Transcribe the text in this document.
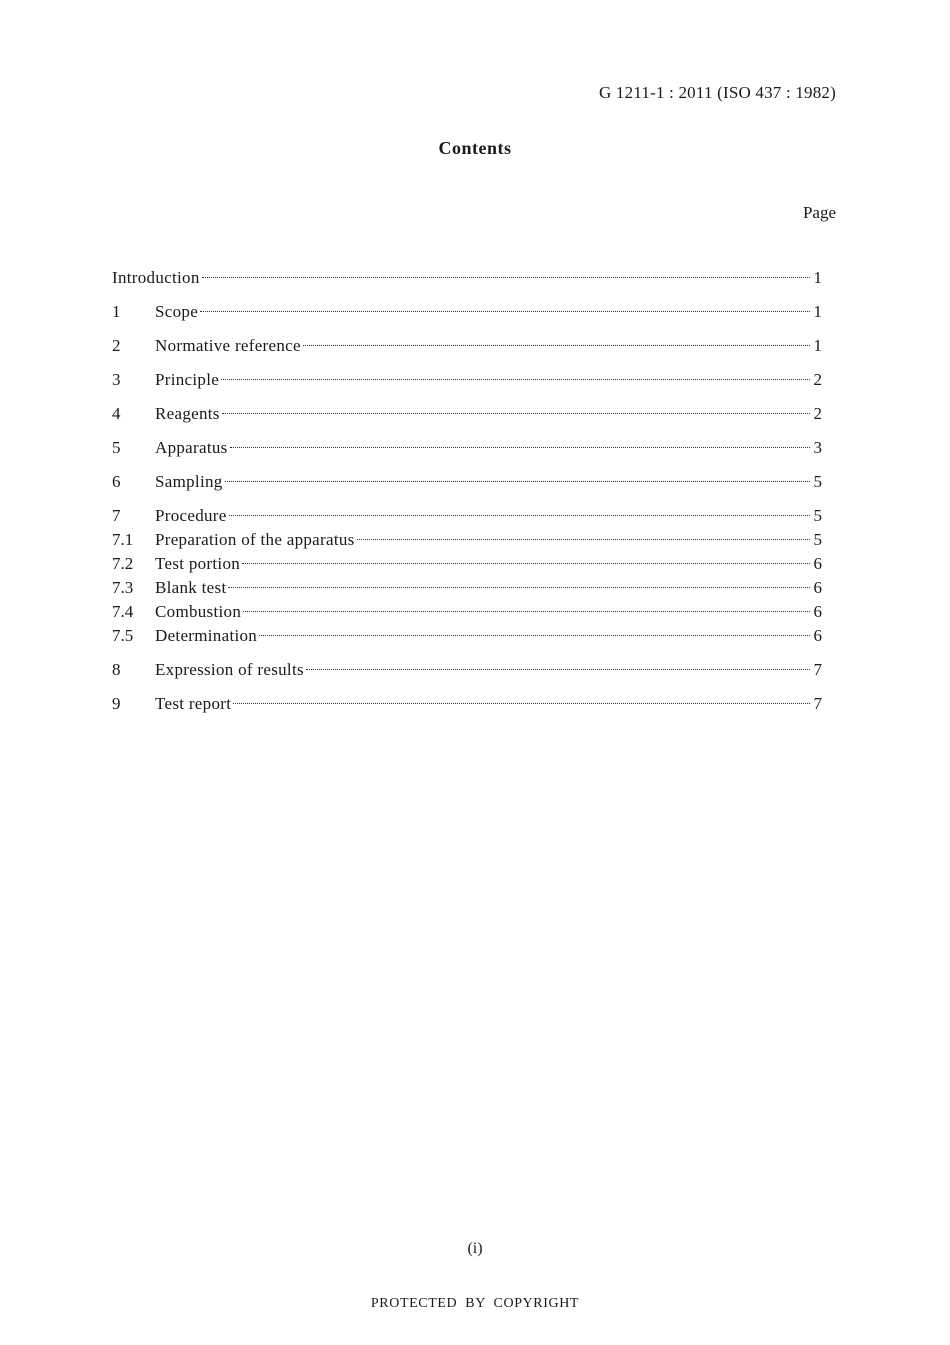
G 1211-1 : 2011 (ISO 437 : 1982)
Contents
Page
Introduction	1
1	Scope	1
2	Normative reference	1
3	Principle	2
4	Reagents	2
5	Apparatus	3
6	Sampling	5
7	Procedure	5
7.1	Preparation of the apparatus	5
7.2	Test portion	6
7.3	Blank test	6
7.4	Combustion	6
7.5	Determination	6
8	Expression of results	7
9	Test report	7
(i)
PROTECTED BY COPYRIGHT
